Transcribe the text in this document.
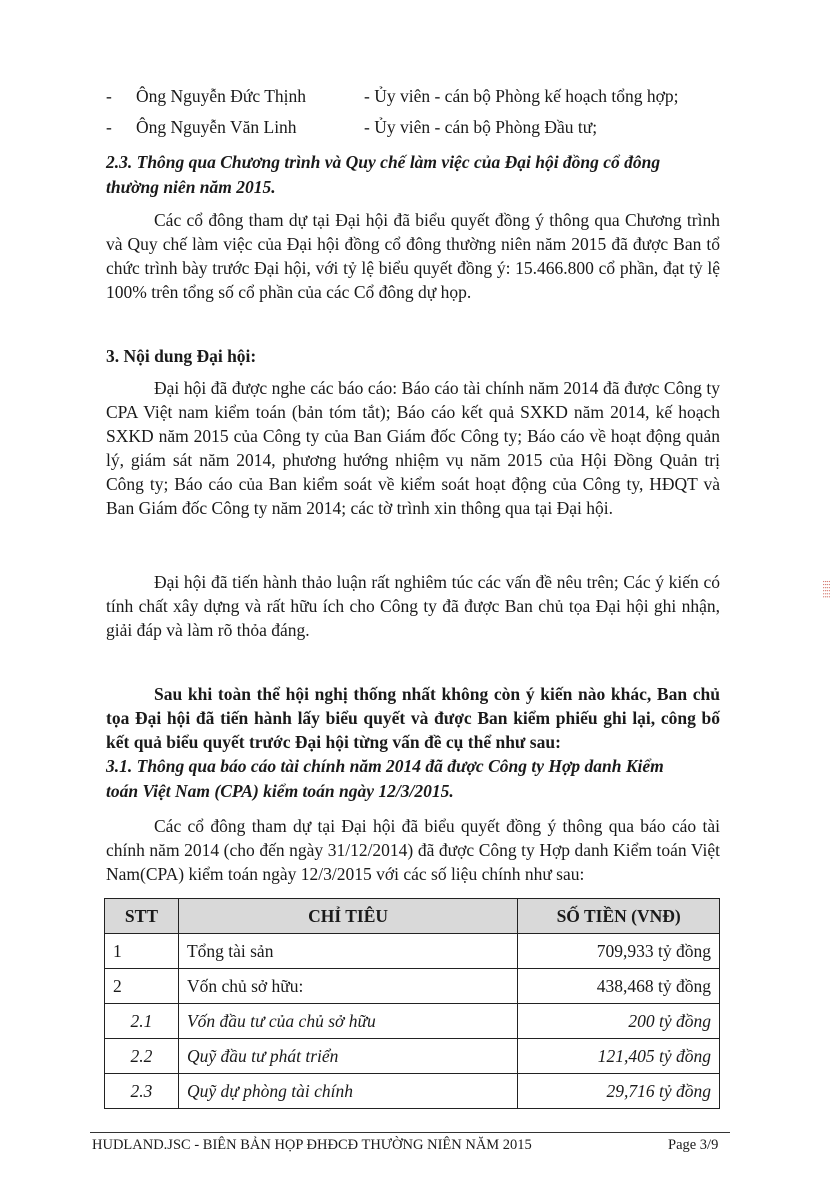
- Ông Nguyễn Đức Thịnh	- Ủy viên - cán bộ Phòng kế hoạch tổng hợp;
- Ông Nguyễn Văn Linh	- Ủy viên - cán bộ Phòng Đầu tư;
2.3. Thông qua Chương trình và Quy chế làm việc của Đại hội đồng cổ đông
thường niên năm 2015.
Các cổ đông tham dự tại Đại hội đã biểu quyết đồng ý thông qua Chương trình và Quy chế làm việc của Đại hội đồng cổ đông thường niên năm 2015 đã được Ban tổ chức trình bày trước Đại hội, với tỷ lệ biểu quyết đồng ý: 15.466.800 cổ phần, đạt tỷ lệ 100% trên tổng số cổ phần của các Cổ đông dự họp.
3. Nội dung Đại hội:
Đại hội đã được nghe các báo cáo: Báo cáo tài chính năm 2014 đã được Công ty CPA Việt nam kiểm toán (bản tóm tắt); Báo cáo kết quả SXKD năm 2014, kế hoạch SXKD năm 2015 của Công ty của Ban Giám đốc Công ty; Báo cáo về hoạt động quản lý, giám sát năm 2014, phương hướng nhiệm vụ năm 2015 của Hội Đồng Quản trị Công ty; Báo cáo của Ban kiểm soát về kiểm soát hoạt động của Công ty, HĐQT và Ban Giám đốc Công ty năm 2014; các tờ trình xin thông qua tại Đại hội.
Đại hội đã tiến hành thảo luận rất nghiêm túc các vấn đề nêu trên; Các ý kiến có tính chất xây dựng và rất hữu ích cho Công ty đã được Ban chủ tọa Đại hội ghi nhận, giải đáp và làm rõ thỏa đáng.
Sau khi toàn thể hội nghị thống nhất không còn ý kiến nào khác, Ban chủ tọa Đại hội đã tiến hành lấy biểu quyết và được Ban kiểm phiếu ghi lại, công bố kết quả biểu quyết trước Đại hội từng vấn đề cụ thể như sau:
3.1. Thông qua báo cáo tài chính năm 2014 đã được Công ty Hợp danh Kiểm
toán Việt Nam (CPA) kiểm toán ngày 12/3/2015.
Các cổ đông tham dự tại Đại hội đã biểu quyết đồng ý thông qua báo cáo tài chính năm 2014 (cho đến ngày 31/12/2014) đã được Công ty Hợp danh Kiểm toán Việt Nam(CPA) kiểm toán ngày 12/3/2015 với các số liệu chính như sau:
STT	CHỈ TIÊU	SỐ TIỀN (VNĐ)
1	Tổng tài sản	709,933 tỷ đồng
2	Vốn chủ sở hữu:	438,468 tỷ đồng
2.1	Vốn đầu tư của chủ sở hữu	200 tỷ đồng
2.2	Quỹ đầu tư phát triển	121,405 tỷ đồng
2.3	Quỹ dự phòng tài chính	29,716 tỷ đồng
⁞⁞⁞⁞⁞⁞
HUDLAND.JSC - BIÊN BẢN HỌP ĐHĐCĐ THƯỜNG NIÊN NĂM 2015	Page 3/9
